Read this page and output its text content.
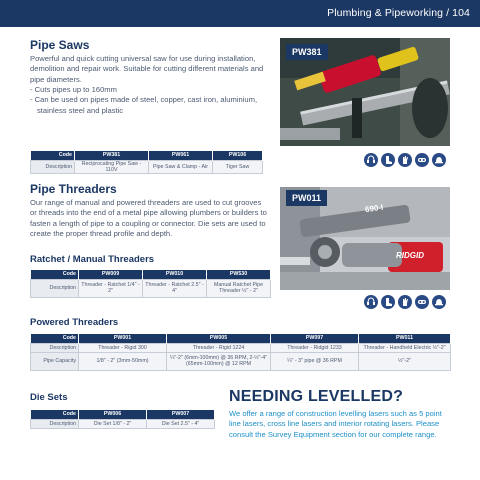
Plumbing & Pipeworking / 104
Pipe Saws
Powerful and quick cutting universal saw for use during installation, demolition and repair work. Suitable for cutting different materials and pipe diameters.
- Cuts pipes up to 160mm
- Can be used on pipes made of steel, copper, cast iron, aluminium, stainless steel and plastic
PW381
Code	PW381	PW061	PW106
Description	Reciprocating Pipe Saw - 110V	Pipe Saw & Clamp - Air	Tiger Saw
Pipe Threaders
Our range of manual and powered threaders are used to cut grooves or threads into the end of a metal pipe allowing plumbers or builders to fasten a length of pipe to a coupling or connector. Die sets are used to create the proper thread profile and depth.
PW011
690-I
RIDGID
Ratchet / Manual Threaders
Code	PW009	PW010	PW530
Description	Threader - Ratchet 1/4" - 2"	Threader - Ratchet 2.5" - 4"	Manual Ratchet Pipe Threader ½" - 2"
Powered Threaders
Code	PW001	PW005	PW097	PW011
Description	Threader - Rigid 300	Threader - Rigid 1224	Threader - Ridgid 1233	Threader - Handheld Electric ½"-2"
Pipe Capacity	1/8" - 2" (3mm-50mm)	¼"-2" (6mm-100mm) @ 36 RPM, 2-½"-4" (65mm-100mm) @ 12 RPM	¼" - 3" pipe @ 36 RPM	½"-2"
Die Sets
Code	PW006	PW007
Description	Die Set 1/8" - 2"	Die Set 2.5" - 4"
NEEDING LEVELLED?
We offer a range of construction levelling lasers such as 5 point line lasers, cross line lasers and interior rotating lasers. Please consult the Survey Equipment section for our complete range.
